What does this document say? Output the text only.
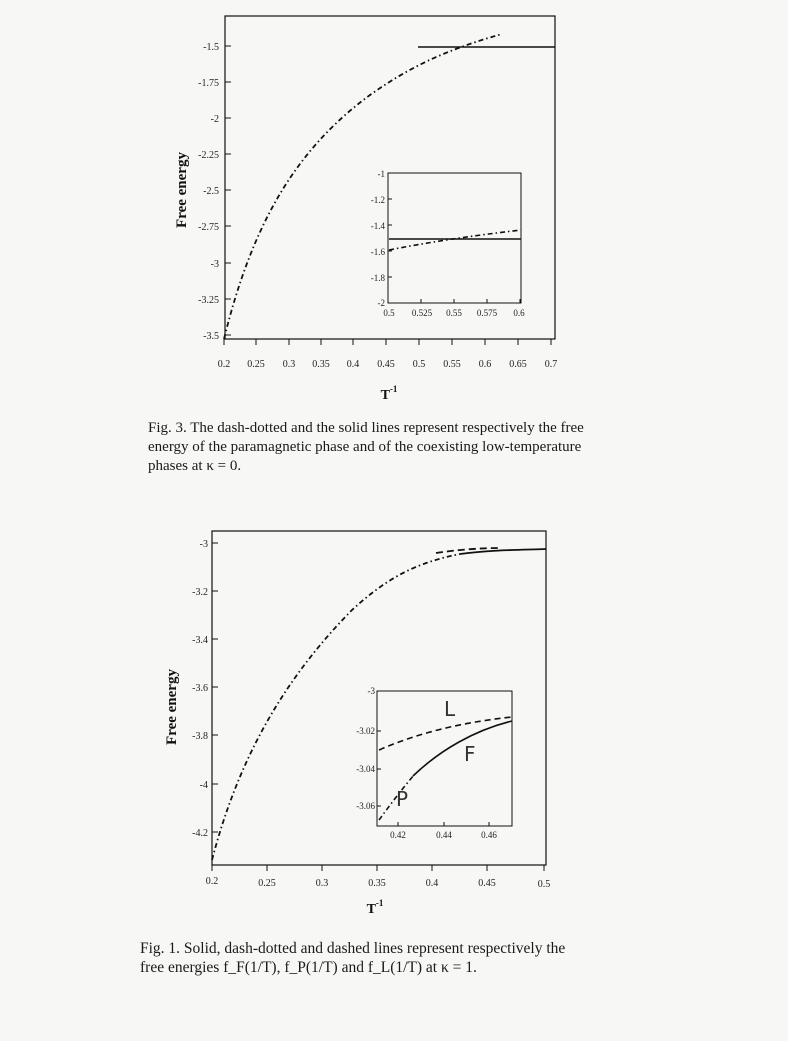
-1.5
-1.75
-2
-2.25
-2.5
-2.75
-3
-3.25
-3.5
0.2 0.25 0.3 0.35 0.4 0.45 0.5 0.55 0.6 0.65 0.7
Free energy
$T^{-1}$
-1
-1.2
-1.4
-1.6
-1.8
-2
0.5 0.525 0.55 0.575 0.6
-3
-3.2
-3.4
-3.6
-3.8
-4
-4.2
0.2	0.25	0.3	0.35	0.4	0.45	0.5
Free energy
$T^{-1}$
-3
-3.02
-3.04
-3.06
0.42	0.44	0.46
L
F
P
Fig. 3. The dash-dotted and the solid lines represent respectively the free energy of the paramagnetic phase and of the coexisting low-temperature phases at κ = 0.
Fig. 1. Solid, dash-dotted and dashed lines represent respectively the free energies f_F(1/T), f_P(1/T) and f_L(1/T) at κ = 1.
